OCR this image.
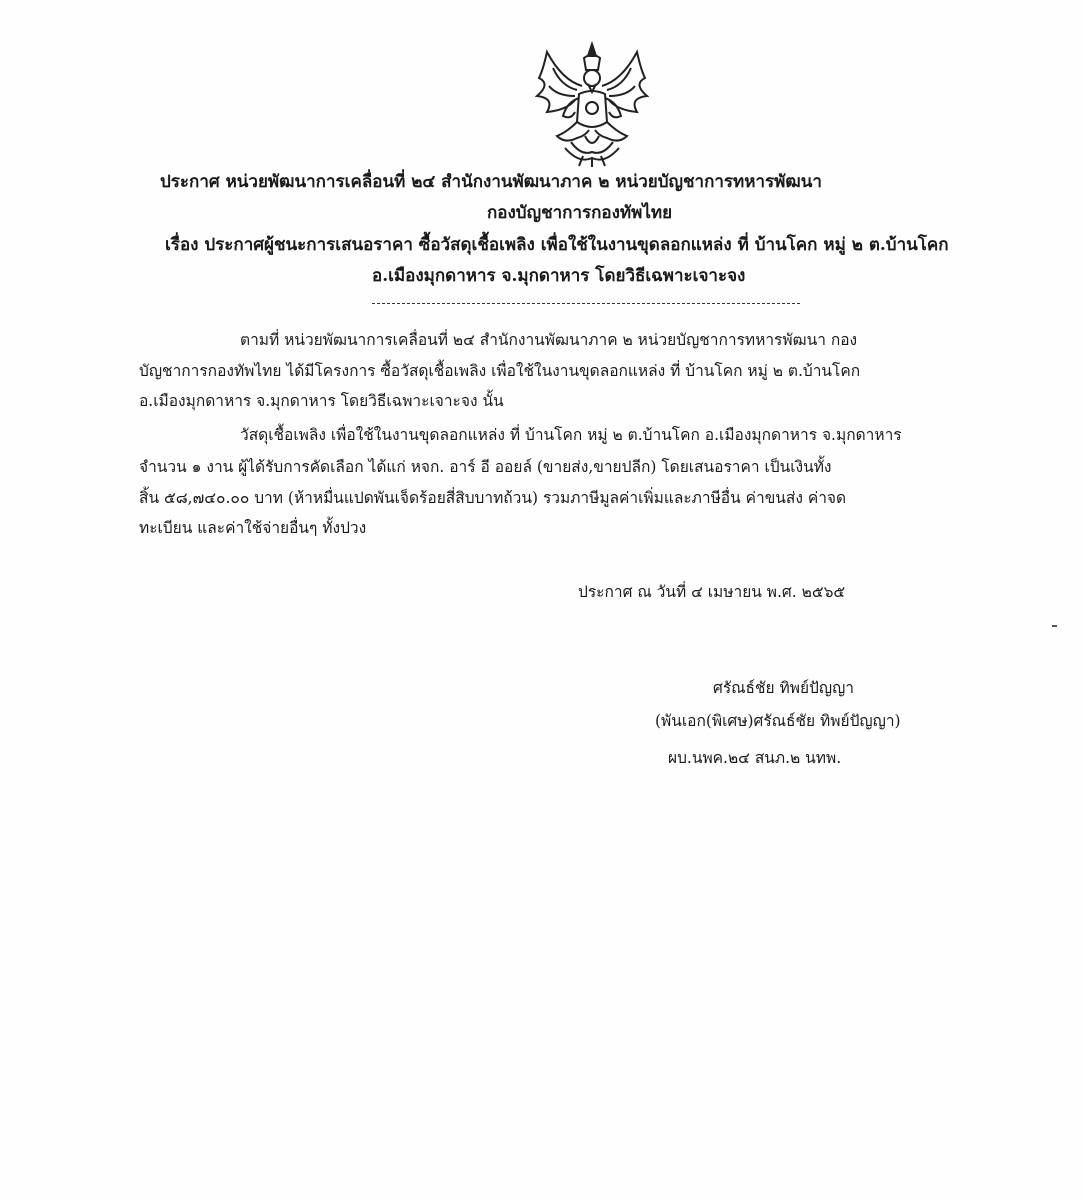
ประกาศ หน่วยพัฒนาการเคลื่อนที่ ๒๔ สำนักงานพัฒนาภาค ๒ หน่วยบัญชาการทหารพัฒนา
กองบัญชาการกองทัพไทย
เรื่อง ประกาศผู้ชนะการเสนอราคา ซื้อวัสดุเชื้อเพลิง เพื่อใช้ในงานขุดลอกแหล่ง ที่ บ้านโคก หมู่ ๒ ต.บ้านโคก
อ.เมืองมุกดาหาร จ.มุกดาหาร โดยวิธีเฉพาะเจาะจง
ตามที่ หน่วยพัฒนาการเคลื่อนที่ ๒๔ สำนักงานพัฒนาภาค ๒ หน่วยบัญชาการทหารพัฒนา กอง
บัญชาการกองทัพไทย ได้มีโครงการ ซื้อวัสดุเชื้อเพลิง เพื่อใช้ในงานขุดลอกแหล่ง ที่ บ้านโคก หมู่ ๒ ต.บ้านโคก
อ.เมืองมุกดาหาร จ.มุกดาหาร โดยวิธีเฉพาะเจาะจง นั้น
วัสดุเชื้อเพลิง เพื่อใช้ในงานขุดลอกแหล่ง ที่ บ้านโคก หมู่ ๒ ต.บ้านโคก อ.เมืองมุกดาหาร จ.มุกดาหาร
จำนวน ๑ งาน ผู้ได้รับการคัดเลือก ได้แก่ หจก. อาร์ อี ออยล์ (ขายส่ง,ขายปลีก) โดยเสนอราคา เป็นเงินทั้ง
สิ้น ๕๘,๗๔๐.๐๐ บาท (ห้าหมื่นแปดพันเจ็ดร้อยสี่สิบบาทถ้วน) รวมภาษีมูลค่าเพิ่มและภาษีอื่น ค่าขนส่ง ค่าจด
ทะเบียน และค่าใช้จ่ายอื่นๆ ทั้งปวง
ประกาศ ณ วันที่ ๔ เมษายน พ.ศ. ๒๕๖๕
ศรัณธ์ชัย ทิพย์ปัญญา
(พันเอก(พิเศษ)ศรัณธ์ชัย ทิพย์ปัญญา)
ผบ.นพค.๒๔ สนภ.๒ นทพ.
